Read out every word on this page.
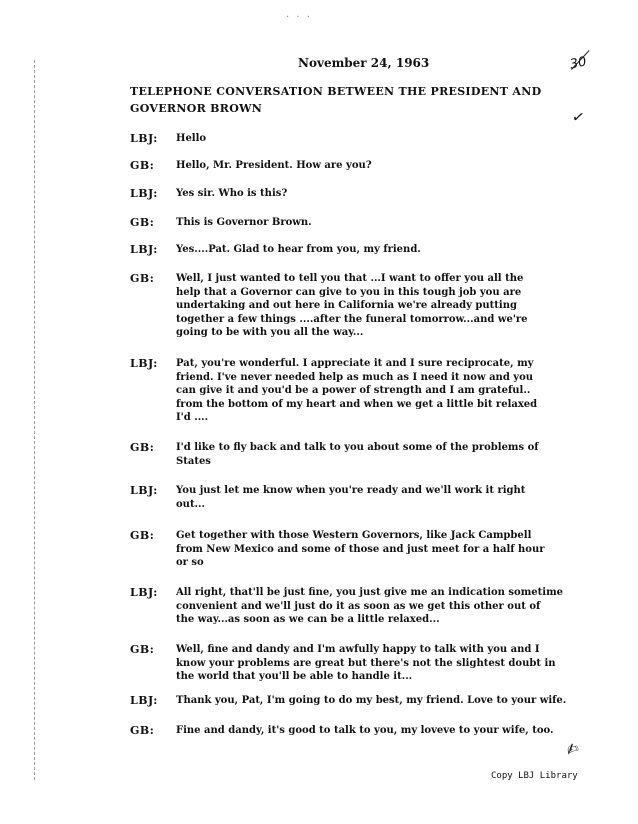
· · ·
November 24, 1963	30
✓
TELEPHONE CONVERSATION BETWEEN THE PRESIDENT AND GOVERNOR BROWN
LBJ: Hello
GB: Hello, Mr. President. How are you?
LBJ: Yes sir. Who is this?
GB: This is Governor Brown.
LBJ: Yes....Pat. Glad to hear from you, my friend.
GB: Well, I just wanted to tell you that ...I want to offer you all the
help that a Governor can give to you in this tough job you are
undertaking and out here in California we're already putting
together a few things ....after the funeral tomorrow...and we're
going to be with you all the way...
LBJ: Pat, you're wonderful. I appreciate it and I sure reciprocate, my
friend. I've never needed help as much as I need it now and you
can give it and you'd be a power of strength and I am grateful..
from the bottom of my heart and when we get a little bit relaxed
I'd ....
GB: I'd like to fly back and talk to you about some of the problems of
States
LBJ: You just let me know when you're ready and we'll work it right
out...
GB: Get together with those Western Governors, like Jack Campbell
from New Mexico and some of those and just meet for a half hour
or so
LBJ: All right, that'll be just fine, you just give me an indication sometime
convenient and we'll just do it as soon as we get this other out of
the way...as soon as we can be a little relaxed...
GB: Well, fine and dandy and I'm awfully happy to talk with you and I
know your problems are great but there's not the slightest doubt in
the world that you'll be able to handle it...
LBJ: Thank you, Pat, I'm going to do my best, my friend. Love to your wife.
GB: Fine and dandy, it's good to talk to you, my loveve to your wife, too.
✍
Copy LBJ Library
